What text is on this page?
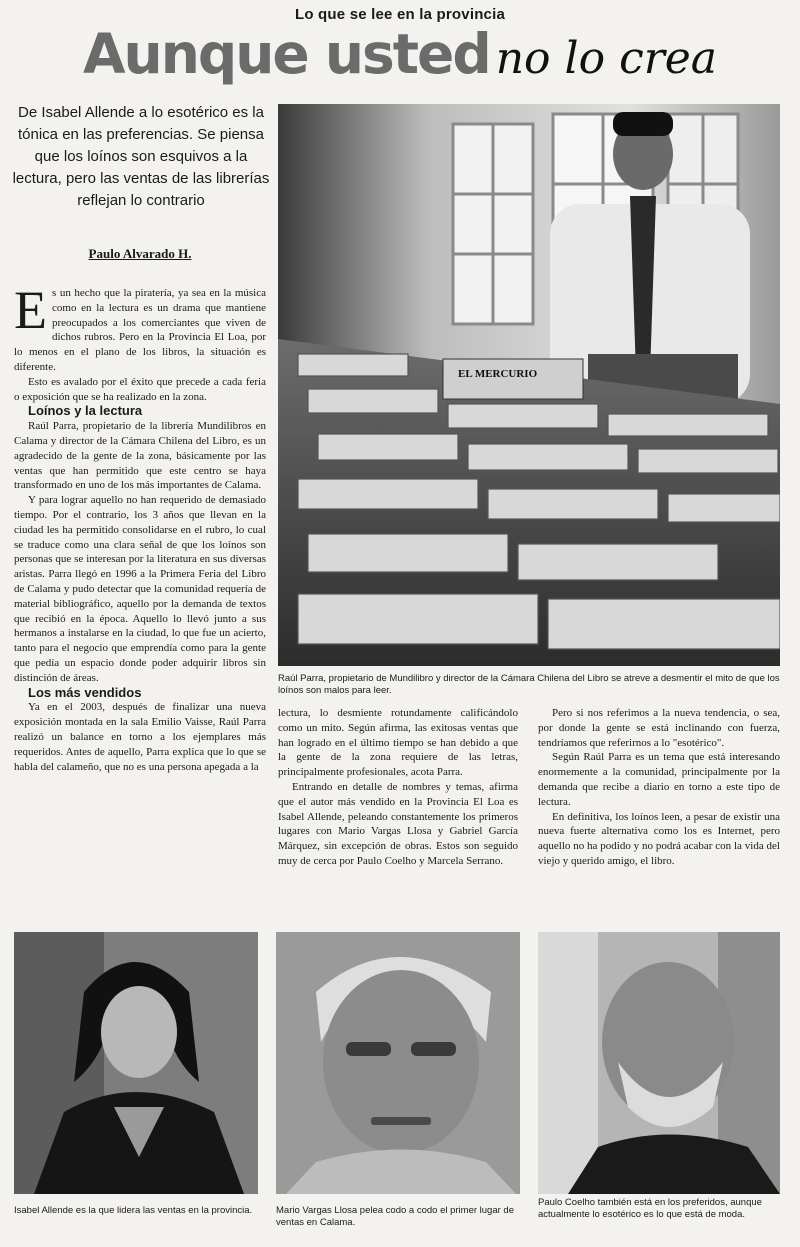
Lo que se lee en la provincia
Aunque usted no lo crea
De Isabel Allende a lo esotérico es la tónica en las preferencias. Se piensa que los loínos son esquivos a la lectura, pero las ventas de las librerías reflejan lo contrario
Paulo Alvarado H.

Es un hecho que la piratería, ya sea en la música como en la lectura es un drama que mantiene preocupados a los comerciantes que viven de dichos rubros. Pero en la Provincia El Loa, por lo menos en el plano de los libros, la situación es diferente.

Esto es avalado por el éxito que precede a cada feria o exposición que se ha realizado en la zona.

Loínos y la lectura

Raúl Parra, propietario de la librería Mundilibros en Calama y director de la Cámara Chilena del Libro, es un agradecido de la gente de la zona, básicamente por las ventas que han permitido que este centro se haya transformado en uno de los más importantes de Calama.

Y para lograr aquello no han requerido de demasiado tiempo. Por el contrario, los 3 años que llevan en la ciudad les ha permitido consolidarse en el rubro, lo cual se traduce como una clara señal de que los loínos son personas que se interesan por la literatura en sus diversas aristas. Parra llegó en 1996 a la Primera Feria del Libro de Calama y pudo detectar que la comunidad requería de material bibliográfico, aquello por la demanda de textos que recibió en la época. Aquello lo llevó junto a sus hermanos a instalarse en la ciudad, lo que fue un acierto, tanto para el negocio que emprendía como para la gente que pedía un espacio donde poder adquirir libros sin distinción de áreas.

Los más vendidos

Ya en el 2003, después de finalizar una nueva exposición montada en la sala Emilio Vaisse, Raúl Parra realizó un balance en torno a los ejemplares más requeridos. Antes de aquello, Parra explica que lo que se habla del calameño, que no es una persona apegada a la

EL MERCURIO
Raúl Parra, propietario de Mundilibro y director de la Cámara Chilena del Libro se atreve a desmentir el mito de que los loínos son malos para leer.

lectura, lo desmiente rotundamente calificándolo como un mito. Según afirma, las exitosas ventas que han logrado en el último tiempo se han debido a que la gente de la zona requiere de las letras, principalmente profesionales, acota Parra.

Entrando en detalle de nombres y temas, afirma que el autor más vendido en la Provincia El Loa es Isabel Allende, peleando constantemente los primeros lugares con Mario Vargas Llosa y Gabriel García Márquez, sin excepción de obras. Estos son seguido muy de cerca por Paulo Coelho y Marcela Serrano.

Pero si nos referimos a la nueva tendencia, o sea, por donde la gente se está inclinando con fuerza, tendríamos que referirnos a lo "esotérico".

Según Raúl Parra es un tema que está interesando enormemente a la comunidad, principalmente por la demanda que recibe a diario en torno a este tipo de lectura.

En definitiva, los loínos leen, a pesar de existir una nueva fuerte alternativa como los es Internet, pero aquello no ha podido y no podrá acabar con la vida del viejo y querido amigo, el libro.

Isabel Allende es la que lidera las ventas en la provincia.	Mario Vargas Llosa pelea codo a codo el primer lugar de ventas en Calama.
Paulo Coelho también está en los preferidos, aunque actualmente lo esotérico es lo que está de moda.
